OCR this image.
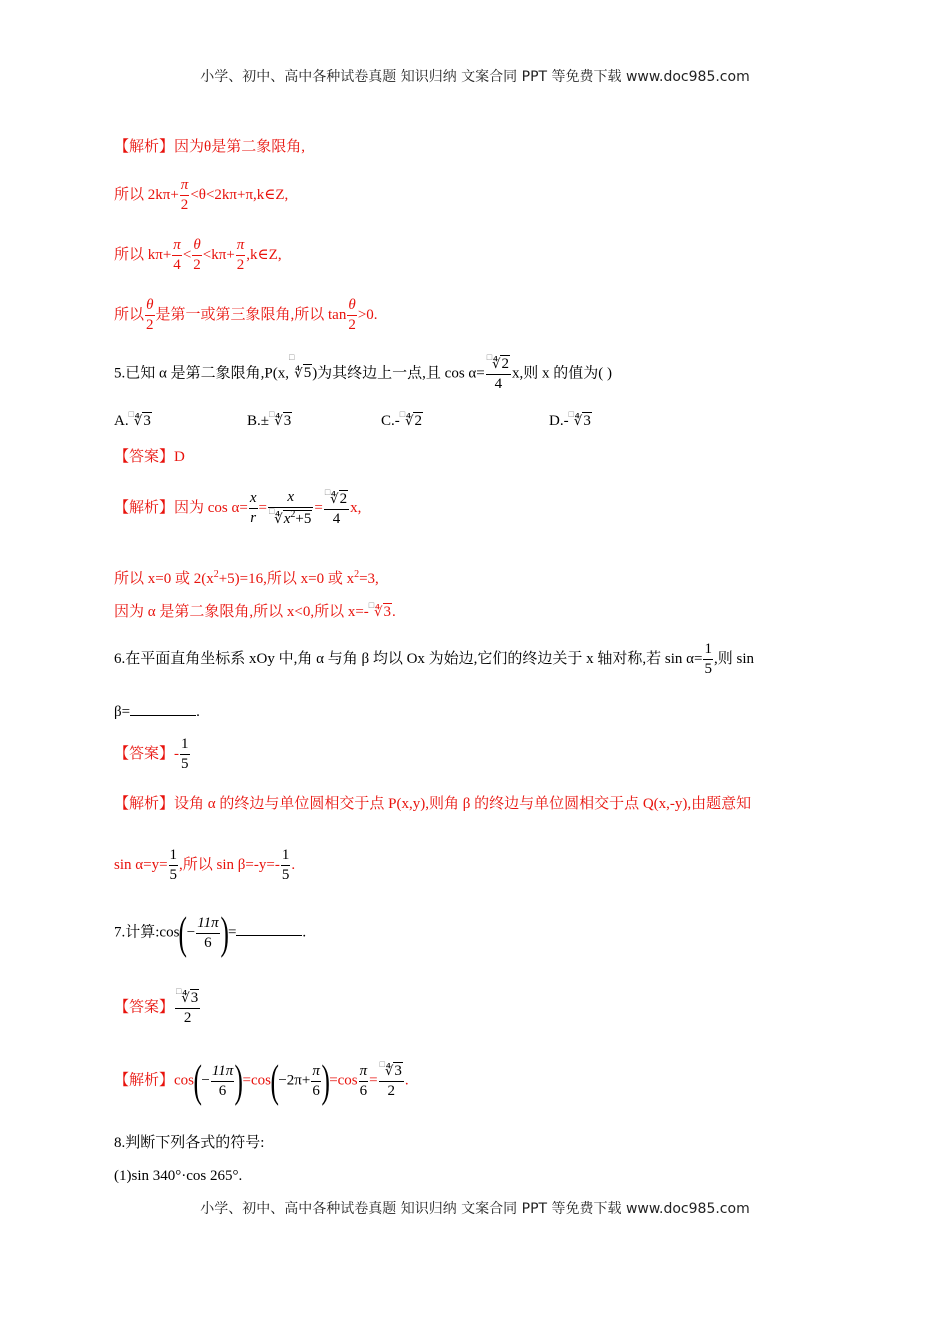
小学、初中、高中各种试卷真题 知识归纳 文案合同 PPT 等免费下载 www.doc985.com
【解析】因为θ是第二象限角,
所以 $2k\pi+ \frac{\pi}{2}$ <θ<2kπ+π,k∈Z,
所以 $k\pi+ \frac{\pi}{4} < \frac{\theta}{2} <k\pi+ \frac{\pi}{2}$ ,k∈Z,
所以 $\frac{\theta}{2}$ 是第一或第三象限角,所以 $\tan \frac{\theta}{2} >0$.
5.已知 α 是第二象限角,P(x,□∜5)为其终边上一点,且 $\cos \alpha= \frac{^□∜2}{4} x$,则 x 的值为( )
A.□∜3	B.±□∜3	C.-□∜2	D.-□∜3
【答案】D
【解析】因为 $\cos \alpha= \frac{x}{r} = \frac{x}{^□∜x^2+5} = \frac{^□∜2}{4} x$,
所以 x=0 或 $2(x^2+5)=16$,所以 x=0 或 $x^2=3$,
因为 α 是第二象限角,所以 x<0,所以 x=-□∜3.
6.在平面直角坐标系 xOy 中,角 α 与角 β 均以 Ox 为始边,它们的终边关于 x 轴对称,若 $\sin \alpha= \frac{1}{5}$ ,则 sin
β=	.
【答案】- $\frac{1}{5}$
【解析】设角 α 的终边与单位圆相交于点 P(x,y),则角 β 的终边与单位圆相交于点 Q(x,-y),由题意知
$\sin \alpha=y= \frac{1}{5}$ ,所以 $\sin \beta=-y=- \frac{1}{5}$ .
7.计算:cos(− $\frac{11\pi}{6}$ )=	.
【答案】 $\frac{^□∜3}{2}$
【解析】$\cos(- \frac{11\pi}{6} )=\cos(-2\pi+ \frac{\pi}{6} )=\cos \frac{\pi}{6} = \frac{^□∜3}{2}$ .
8.判断下列各式的符号:
(1)sin 340°·cos 265°.
小学、初中、高中各种试卷真题 知识归纳 文案合同 PPT 等免费下载 www.doc985.com
